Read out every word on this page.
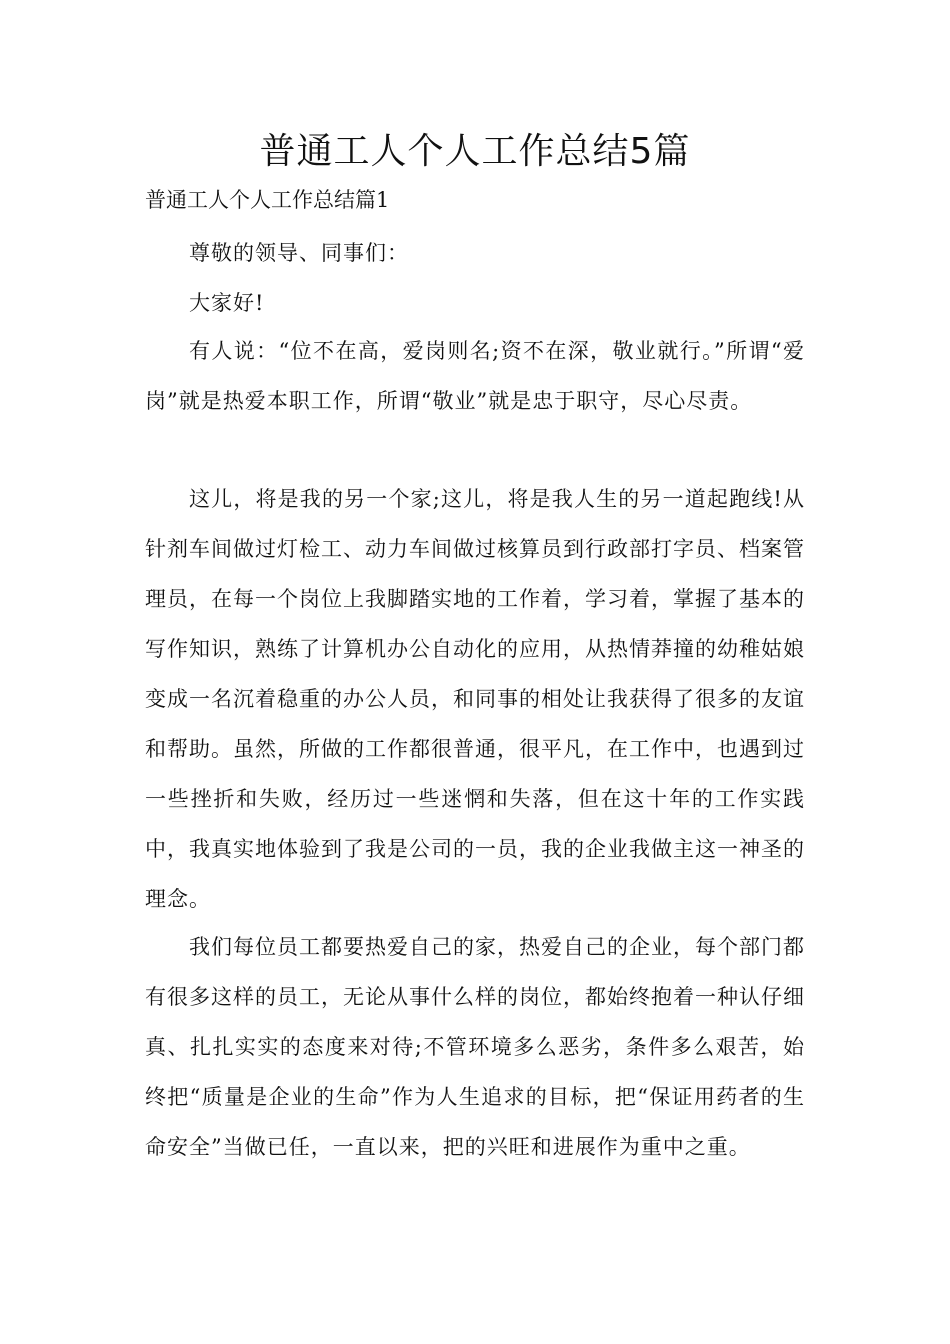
普通工人个人工作总结5篇
普通工人个人工作总结篇1

尊敬的领导、同事们：

大家好!

有人说：“位不在高，爱岗则名;资不在深，敬业就行。”所谓“爱岗”就是热爱本职工作，所谓“敬业”就是忠于职守，尽心尽责。

这儿，将是我的另一个家;这儿，将是我人生的另一道起跑线!从针剂车间做过灯检工、动力车间做过核算员到行政部打字员、档案管理员，在每一个岗位上我脚踏实地的工作着，学习着，掌握了基本的写作知识，熟练了计算机办公自动化的应用，从热情莽撞的幼稚姑娘变成一名沉着稳重的办公人员，和同事的相处让我获得了很多的友谊和帮助。虽然，所做的工作都很普通，很平凡，在工作中，也遇到过一些挫折和失败，经历过一些迷惘和失落，但在这十年的工作实践中，我真实地体验到了我是公司的一员，我的企业我做主这一神圣的理念。

我们每位员工都要热爱自己的家，热爱自己的企业，每个部门都有很多这样的员工，无论从事什么样的岗位，都始终抱着一种认仔细真、扎扎实实的态度来对待;不管环境多么恶劣，条件多么艰苦，始终把“质量是企业的生命”作为人生追求的目标，把“保证用药者的生命安全”当做已任，一直以来，把的兴旺和进展作为重中之重。
